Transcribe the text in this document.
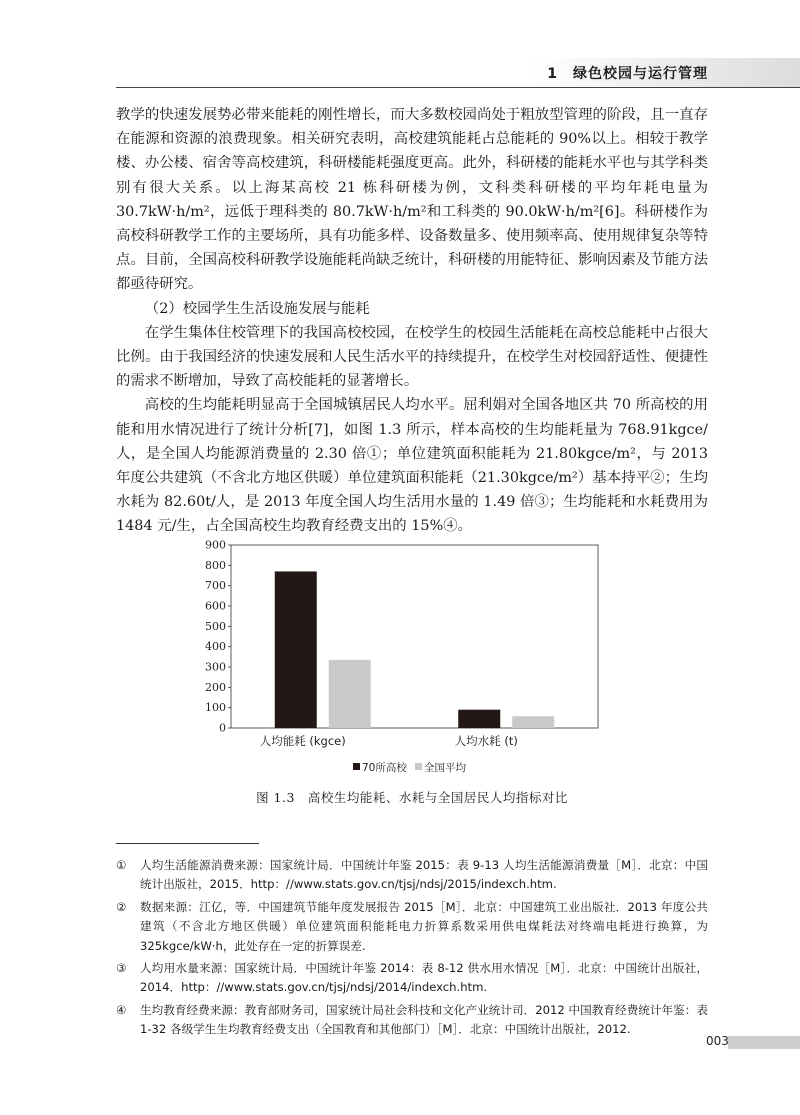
1　绿色校园与运行管理

教学的快速发展势必带来能耗的刚性增长，而大多数校园尚处于粗放型管理的阶段，且一直存在能源和资源的浪费现象。相关研究表明，高校建筑能耗占总能耗的 90%以上。相较于教学楼、办公楼、宿舍等高校建筑，科研楼能耗强度更高。此外，科研楼的能耗水平也与其学科类别有很大关系。以上海某高校 21 栋科研楼为例，文科类科研楼的平均年耗电量为 30.7kW·h/m²，远低于理科类的 80.7kW·h/m²和工科类的 90.0kW·h/m²[6]。科研楼作为高校科研教学工作的主要场所，具有功能多样、设备数量多、使用频率高、使用规律复杂等特点。目前，全国高校科研教学设施能耗尚缺乏统计，科研楼的用能特征、影响因素及节能方法都亟待研究。

（2）校园学生生活设施发展与能耗

在学生集体住校管理下的我国高校校园，在校学生的校园生活能耗在高校总能耗中占很大比例。由于我国经济的快速发展和人民生活水平的持续提升，在校学生对校园舒适性、便捷性的需求不断增加，导致了高校能耗的显著增长。

高校的生均能耗明显高于全国城镇居民人均水平。屈利娟对全国各地区共 70 所高校的用能和用水情况进行了统计分析[7]，如图 1.3 所示，样本高校的生均能耗量为 768.91kgce/人，是全国人均能源消费量的 2.30 倍①；单位建筑面积能耗为 21.80kgce/m²，与 2013 年度公共建筑（不含北方地区供暖）单位建筑面积能耗（21.30kgce/m²）基本持平②；生均水耗为 82.60t/人，是 2013 年度全国人均生活用水量的 1.49 倍③；生均能耗和水耗费用为 1484 元/生，占全国高校生均教育经费支出的 15%④。

0
100
200
300
400
500
600
700
800
900
人均能耗 (kgce)	人均水耗 (t)
70所高校 全国平均
图 1.3　高校生均能耗、水耗与全国居民人均指标对比
①	人均生活能源消费来源：国家统计局．中国统计年鉴 2015：表 9-13 人均生活能源消费量［M］．北京：中国统计出版社，2015．http：//www.stats.gov.cn/tjsj/ndsj/2015/indexch.htm.
②	数据来源：江亿，等．中国建筑节能年度发展报告 2015［M］．北京：中国建筑工业出版社．2013 年度公共建筑（不含北方地区供暖）单位建筑面积能耗电力折算系数采用供电煤耗法对终端电耗进行换算，为 325kgce/kW·h，此处存在一定的折算误差.
③	人均用水量来源：国家统计局．中国统计年鉴 2014：表 8-12 供水用水情况［M］．北京：中国统计出版社，2014．http：//www.stats.gov.cn/tjsj/ndsj/2014/indexch.htm.
④	生均教育经费来源：教育部财务司，国家统计局社会科技和文化产业统计司．2012 中国教育经费统计年鉴：表 1-32 各级学生生均教育经费支出（全国教育和其他部门）［M］．北京：中国统计出版社，2012.
003
